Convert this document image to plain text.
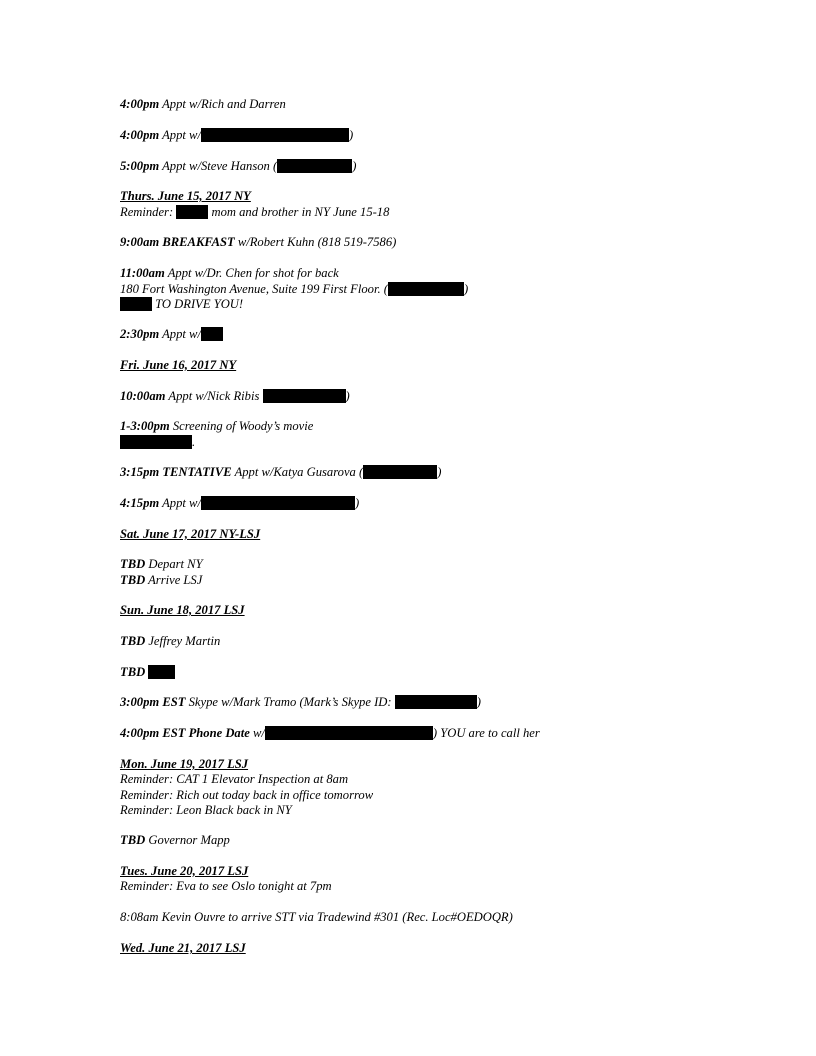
4:00pm Appt w/Rich and Darren
4:00pm Appt w/	)
5:00pm Appt w/Steve Hanson (	)
Thurs. June 15, 2017 NY
Reminder:	mom and brother in NY June 15-18
9:00am BREAKFAST w/Robert Kuhn (818 519-7586)
11:00am Appt w/Dr. Chen for shot for back
180 Fort Washington Avenue, Suite 199 First Floor. (	)
TO DRIVE YOU!
2:30pm Appt w/
Fri. June 16, 2017 NY
10:00am Appt w/Nick Ribis	)
1-3:00pm Screening of Woody’s movie
.
3:15pm TENTATIVE Appt w/Katya Gusarova (	)
4:15pm Appt w/	)
Sat. June 17, 2017 NY-LSJ
TBD Depart NY
TBD Arrive LSJ
Sun. June 18, 2017 LSJ
TBD Jeffrey Martin
TBD
3:00pm EST Skype w/Mark Tramo (Mark’s Skype ID:	)
4:00pm EST Phone Date w/	) YOU are to call her
Mon. June 19, 2017 LSJ
Reminder: CAT 1 Elevator Inspection at 8am
Reminder: Rich out today back in office tomorrow
Reminder: Leon Black back in NY
TBD Governor Mapp
Tues. June 20, 2017 LSJ
Reminder: Eva to see Oslo tonight at 7pm
8:08am Kevin Ouvre to arrive STT via Tradewind #301 (Rec. Loc#OEDOQR)
Wed. June 21, 2017 LSJ
